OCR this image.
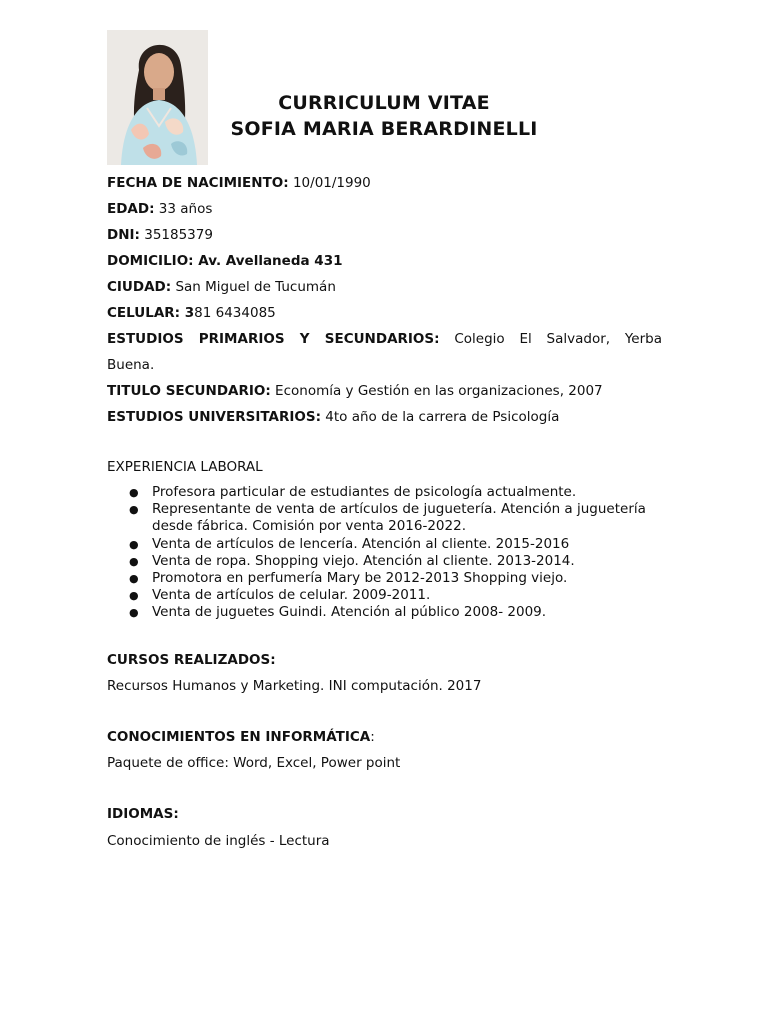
CURRICULUM VITAE
SOFIA MARIA BERARDINELLI
FECHA DE NACIMIENTO: 10/01/1990
EDAD: 33 años
DNI: 35185379
DOMICILIO: Av. Avellaneda 431
CIUDAD: San Miguel de Tucumán
CELULAR: 381 6434085
ESTUDIOS PRIMARIOS Y SECUNDARIOS: Colegio El Salvador, Yerba Buena.
TITULO SECUNDARIO: Economía y Gestión en las organizaciones, 2007
ESTUDIOS UNIVERSITARIOS: 4to año de la carrera de Psicología
EXPERIENCIA LABORAL
● Profesora particular de estudiantes de psicología actualmente.
● Representante de venta de artículos de juguetería. Atención a juguetería desde fábrica. Comisión por venta 2016-2022.
● Venta de artículos de lencería. Atención al cliente. 2015-2016
● Venta de ropa. Shopping viejo. Atención al cliente. 2013-2014.
● Promotora en perfumería Mary be 2012-2013 Shopping viejo.
● Venta de artículos de celular. 2009-2011.
● Venta de juguetes Guindi. Atención al público 2008- 2009.
CURSOS REALIZADOS:
Recursos Humanos y Marketing. INI computación. 2017
CONOCIMIENTOS EN INFORMÁTICA:
Paquete de office: Word, Excel, Power point
IDIOMAS:
Conocimiento de inglés - Lectura
